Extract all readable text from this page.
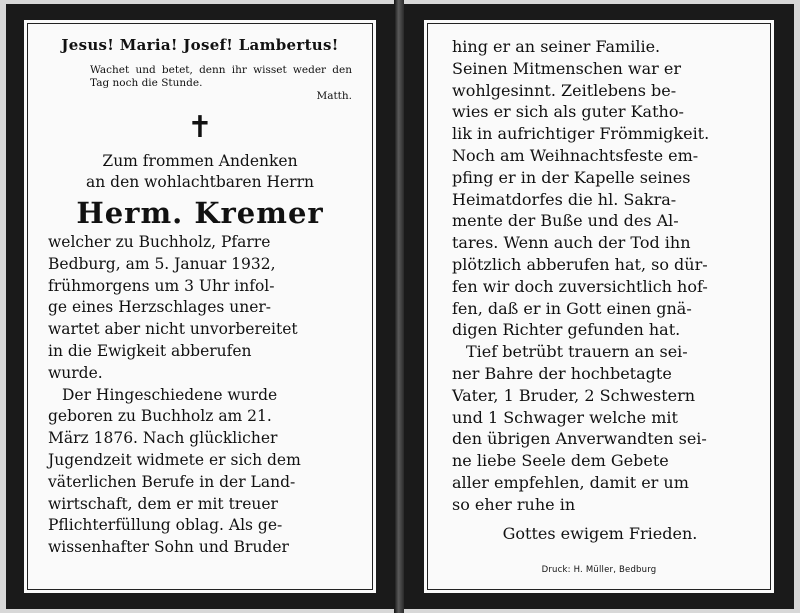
Jesus! Maria! Josef! Lambertus!
Wachet und betet, denn ihr wisset weder den Tag noch die Stunde.
Matth.
✝

Zum frommen Andenken
an den wohlachtbaren Herrn

Herm. Kremer

welcher zu Buchholz, Pfarre
Bedburg, am 5. Januar 1932,
frühmorgens um 3 Uhr infol-
ge eines Herzschlages uner-
wartet aber nicht unvorbereitet
in die Ewigkeit abberufen
wurde.

Der Hingeschiedene wurde
geboren zu Buchholz am 21.
März 1876. Nach glücklicher
Jugendzeit widmete er sich dem
väterlichen Berufe in der Land-
wirtschaft, dem er mit treuer
Pflichterfüllung oblag. Als ge-
wissenhafter Sohn und Bruder

hing er an seiner Familie.
Seinen Mitmenschen war er
wohlgesinnt. Zeitlebens be-
wies er sich als guter Katho-
lik in aufrichtiger Frömmigkeit.
Noch am Weihnachtsfeste em-
pfing er in der Kapelle seines
Heimatdorfes die hl. Sakra-
mente der Buße und des Al-
tares. Wenn auch der Tod ihn
plötzlich abberufen hat, so dür-
fen wir doch zuversichtlich hof-
fen, daß er in Gott einen gnä-
digen Richter gefunden hat.

Tief betrübt trauern an sei-
ner Bahre der hochbetagte
Vater, 1 Bruder, 2 Schwestern
und 1 Schwager welche mit
den übrigen Anverwandten sei-
ne liebe Seele dem Gebete
aller empfehlen, damit er um
so eher ruhe in

Gottes ewigem Frieden.

Druck: H. Müller, Bedburg
